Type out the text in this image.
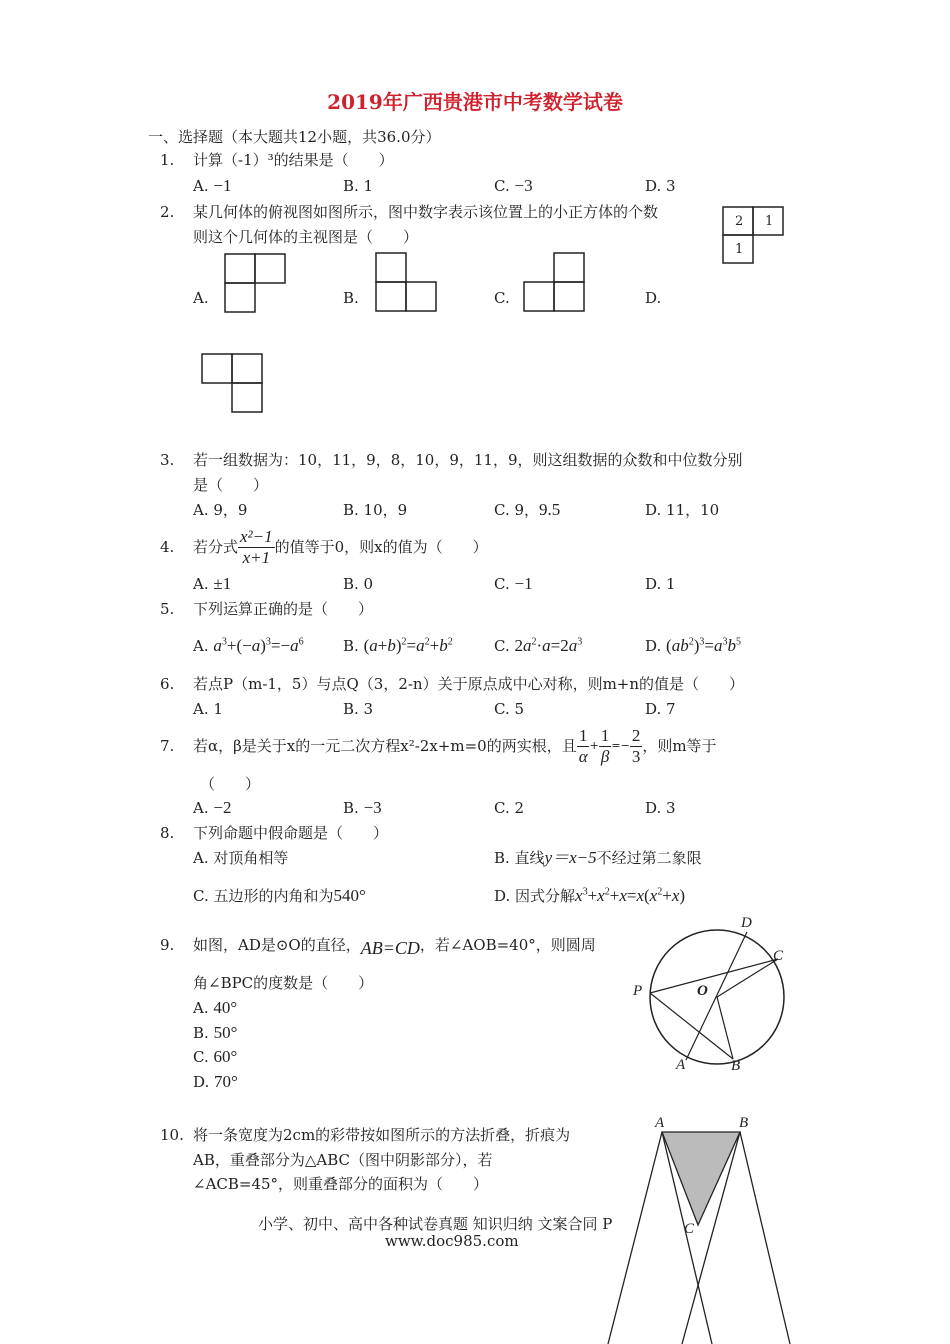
2019年广西贵港市中考数学试卷
一、选择题（本大题共12小题，共36.0分）
1. 计算（-1）³的结果是（　　）
A. −1	B. 1	C. −3	D. 3
2. 某几何体的俯视图如图所示，图中数字表示该位置上的小正方体的个数
则这个几何体的主视图是（　　）
2 1
1
A.	B.	C.	D.
3. 若一组数据为：10，11，9，8，10，9，11，9，则这组数据的众数和中位数分别
是（　　）
A. 9，9	B. 10，9	C. 9，9.5	D. 11，10
4. 若分式 $\frac{\text{x²−1}}{x+1}$ 的值等于0，则x的值为（　　）
A. ±1	B. 0	C. −1	D. 1
5. 下列运算正确的是（　　）
A. $a^3+(-a)^3=-a^6$	B. $(a+b)^2=a^2+b^2$	C. $2a^2\cdot a=2a^3$	D. $(ab^2)^3=a^3b^5$
6. 若点P（m-1，5）与点Q（3，2-n）关于原点成中心对称，则m+n的值是（　　）
A. 1	B. 3	C. 5	D. 7
7. 若α，β是关于x的一元二次方程x²-2x+m=0的两实根，且 $\frac{1}{\alpha} + \frac{1}{\beta} =- \frac{2}{3}$ ，则m等于
（　　）
A. −2	B. −3	C. 2	D. 3
8. 下列命题中假命题是（　　）
A. 对顶角相等	B. 直线y＝x−5不经过第二象限
C. 五边形的内角和为540°	D. 因式分解$x^3+x^2+x=x(x^2+x)$
9. 如图，AD是⊙O的直径，AB=CD，若∠AOB=40°，则圆周
角∠BPC的度数是（　　）
A. 40°
B. 50°
C. 60°
D. 70°
D
C
P	O
A	B
10. 将一条宽度为2cm的彩带按如图所示的方法折叠，折痕为
AB，重叠部分为△ABC（图中阴影部分），若
∠ACB=45°，则重叠部分的面积为（　　）
A	B
C
小学、初中、高中各种试卷真题 知识归纳 文案合同 P
www.doc985.com
